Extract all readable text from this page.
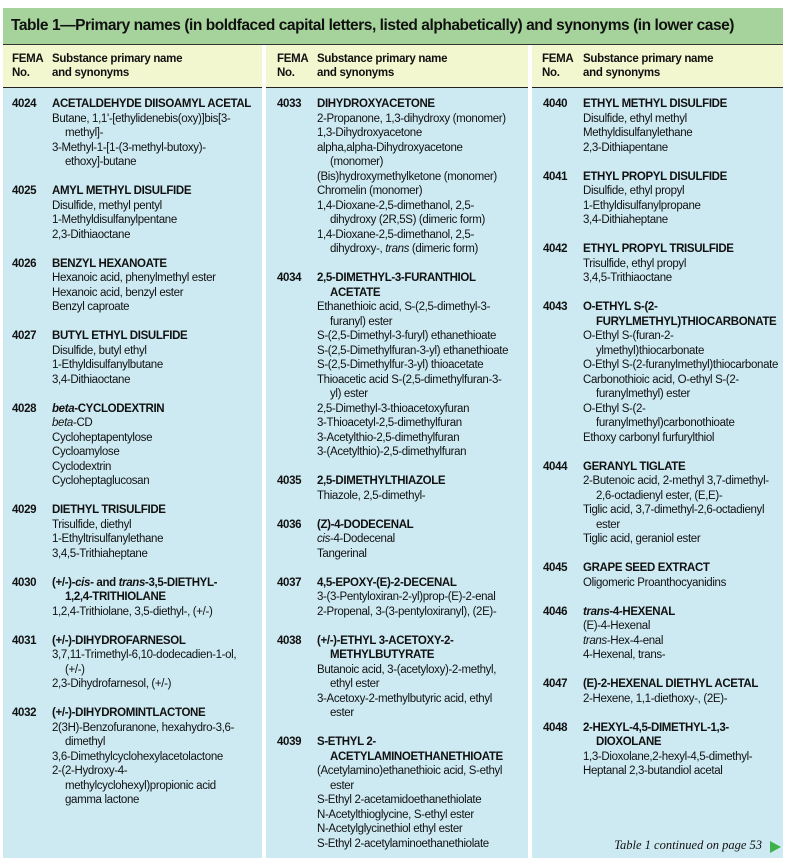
Table 1—Primary names (in boldfaced capital letters, listed alphabetically) and synonyms (in lower case)
FEMA
No.
Substance primary name
and synonyms
FEMA
No.
Substance primary name
and synonyms
FEMA
No.
Substance primary name
and synonyms
4024	ACETALDEHYDE DIISOAMYL ACETAL
Butane, 1,1'-[ethylidenebis(oxy)]bis[3-
methyl]-
3-Methyl-1-[1-(3-methyl-butoxy)-
ethoxy]-butane
4025	AMYL METHYL DISULFIDE
Disulfide, methyl pentyl
1-Methyldisulfanylpentane
2,3-Dithiaoctane
4026	BENZYL HEXANOATE
Hexanoic acid, phenylmethyl ester
Hexanoic acid, benzyl ester
Benzyl caproate
4027	BUTYL ETHYL DISULFIDE
Disulfide, butyl ethyl
1-Ethyldisulfanylbutane
3,4-Dithiaoctane
4028	beta-CYCLODEXTRIN
beta-CD
Cycloheptapentylose
Cycloamylose
Cyclodextrin
Cycloheptaglucosan
4029	DIETHYL TRISULFIDE
Trisulfide, diethyl
1-Ethyltrisulfanylethane
3,4,5-Trithiaheptane
4030	(+/-)-cis- and trans-3,5-DIETHYL-
1,2,4-TRITHIOLANE
1,2,4-Trithiolane, 3,5-diethyl-, (+/-)
4031	(+/-)-DIHYDROFARNESOL
3,7,11-Trimethyl-6,10-dodecadien-1-ol,
(+/-)
2,3-Dihydrofarnesol, (+/-)
4032	(+/-)-DIHYDROMINTLACTONE
2(3H)-Benzofuranone, hexahydro-3,6-
dimethyl
3,6-Dimethylcyclohexylacetolactone
2-(2-Hydroxy-4-
methylcyclohexyl)propionic acid
gamma lactone
4033	DIHYDROXYACETONE
2-Propanone, 1,3-dihydroxy (monomer)
1,3-Dihydroxyacetone
alpha,alpha-Dihydroxyacetone
(monomer)
(Bis)hydroxymethylketone (monomer)
Chromelin (monomer)
1,4-Dioxane-2,5-dimethanol, 2,5-
dihydroxy (2R,5S) (dimeric form)
1,4-Dioxane-2,5-dimethanol, 2,5-
dihydroxy-, trans (dimeric form)
4034	2,5-DIMETHYL-3-FURANTHIOL
ACETATE
Ethanethioic acid, S-(2,5-dimethyl-3-
furanyl) ester
S-(2,5-Dimethyl-3-furyl) ethanethioate
S-(2,5-Dimethylfuran-3-yl) ethanethioate
S-(2,5-Dimethylfur-3-yl) thioacetate
Thioacetic acid S-(2,5-dimethylfuran-3-
yl) ester
2,5-Dimethyl-3-thioacetoxyfuran
3-Thioacetyl-2,5-dimethylfuran
3-Acetylthio-2,5-dimethylfuran
3-(Acetylthio)-2,5-dimethylfuran
4035	2,5-DIMETHYLTHIAZOLE
Thiazole, 2,5-dimethyl-
4036	(Z)-4-DODECENAL
cis-4-Dodecenal
Tangerinal
4037	4,5-EPOXY-(E)-2-DECENAL
3-(3-Pentyloxiran-2-yl)prop-(E)-2-enal
2-Propenal, 3-(3-pentyloxiranyl), (2E)-
4038	(+/-)-ETHYL 3-ACETOXY-2-
METHYLBUTYRATE
Butanoic acid, 3-(acetyloxy)-2-methyl,
ethyl ester
3-Acetoxy-2-methylbutyric acid, ethyl
ester
4039	S-ETHYL 2-
ACETYLAMINOETHANETHIOATE
(Acetylamino)ethanethioic acid, S-ethyl
ester
S-Ethyl 2-acetamidoethanethiolate
N-Acetylthioglycine, S-ethyl ester
N-Acetylglycinethiol ethyl ester
S-Ethyl 2-acetylaminoethanethiolate
4040	ETHYL METHYL DISULFIDE
Disulfide, ethyl methyl
Methyldisulfanylethane
2,3-Dithiapentane
4041	ETHYL PROPYL DISULFIDE
Disulfide, ethyl propyl
1-Ethyldisulfanylpropane
3,4-Dithiaheptane
4042	ETHYL PROPYL TRISULFIDE
Trisulfide, ethyl propyl
3,4,5-Trithiaoctane
4043	O-ETHYL S-(2-
FURYLMETHYL)THIOCARBONATE
O-Ethyl S-(furan-2-
ylmethyl)thiocarbonate
O-Ethyl S-(2-furanylmethyl)thiocarbonate
Carbonothioic acid, O-ethyl S-(2-
furanylmethyl) ester
O-Ethyl S-(2-
furanylmethyl)carbonothioate
Ethoxy carbonyl furfurylthiol
4044	GERANYL TIGLATE
2-Butenoic acid, 2-methyl 3,7-dimethyl-
2,6-octadienyl ester, (E,E)-
Tiglic acid, 3,7-dimethyl-2,6-octadienyl
ester
Tiglic acid, geraniol ester
4045	GRAPE SEED EXTRACT
Oligomeric Proanthocyanidins
4046	trans-4-HEXENAL
(E)-4-Hexenal
trans-Hex-4-enal
4-Hexenal, trans-
4047	(E)-2-HEXENAL DIETHYL ACETAL
2-Hexene, 1,1-diethoxy-, (2E)-
4048	2-HEXYL-4,5-DIMETHYL-1,3-
DIOXOLANE
1,3-Dioxolane,2-hexyl-4,5-dimethyl-
Heptanal 2,3-butandiol acetal
Table 1 continued on page 53
